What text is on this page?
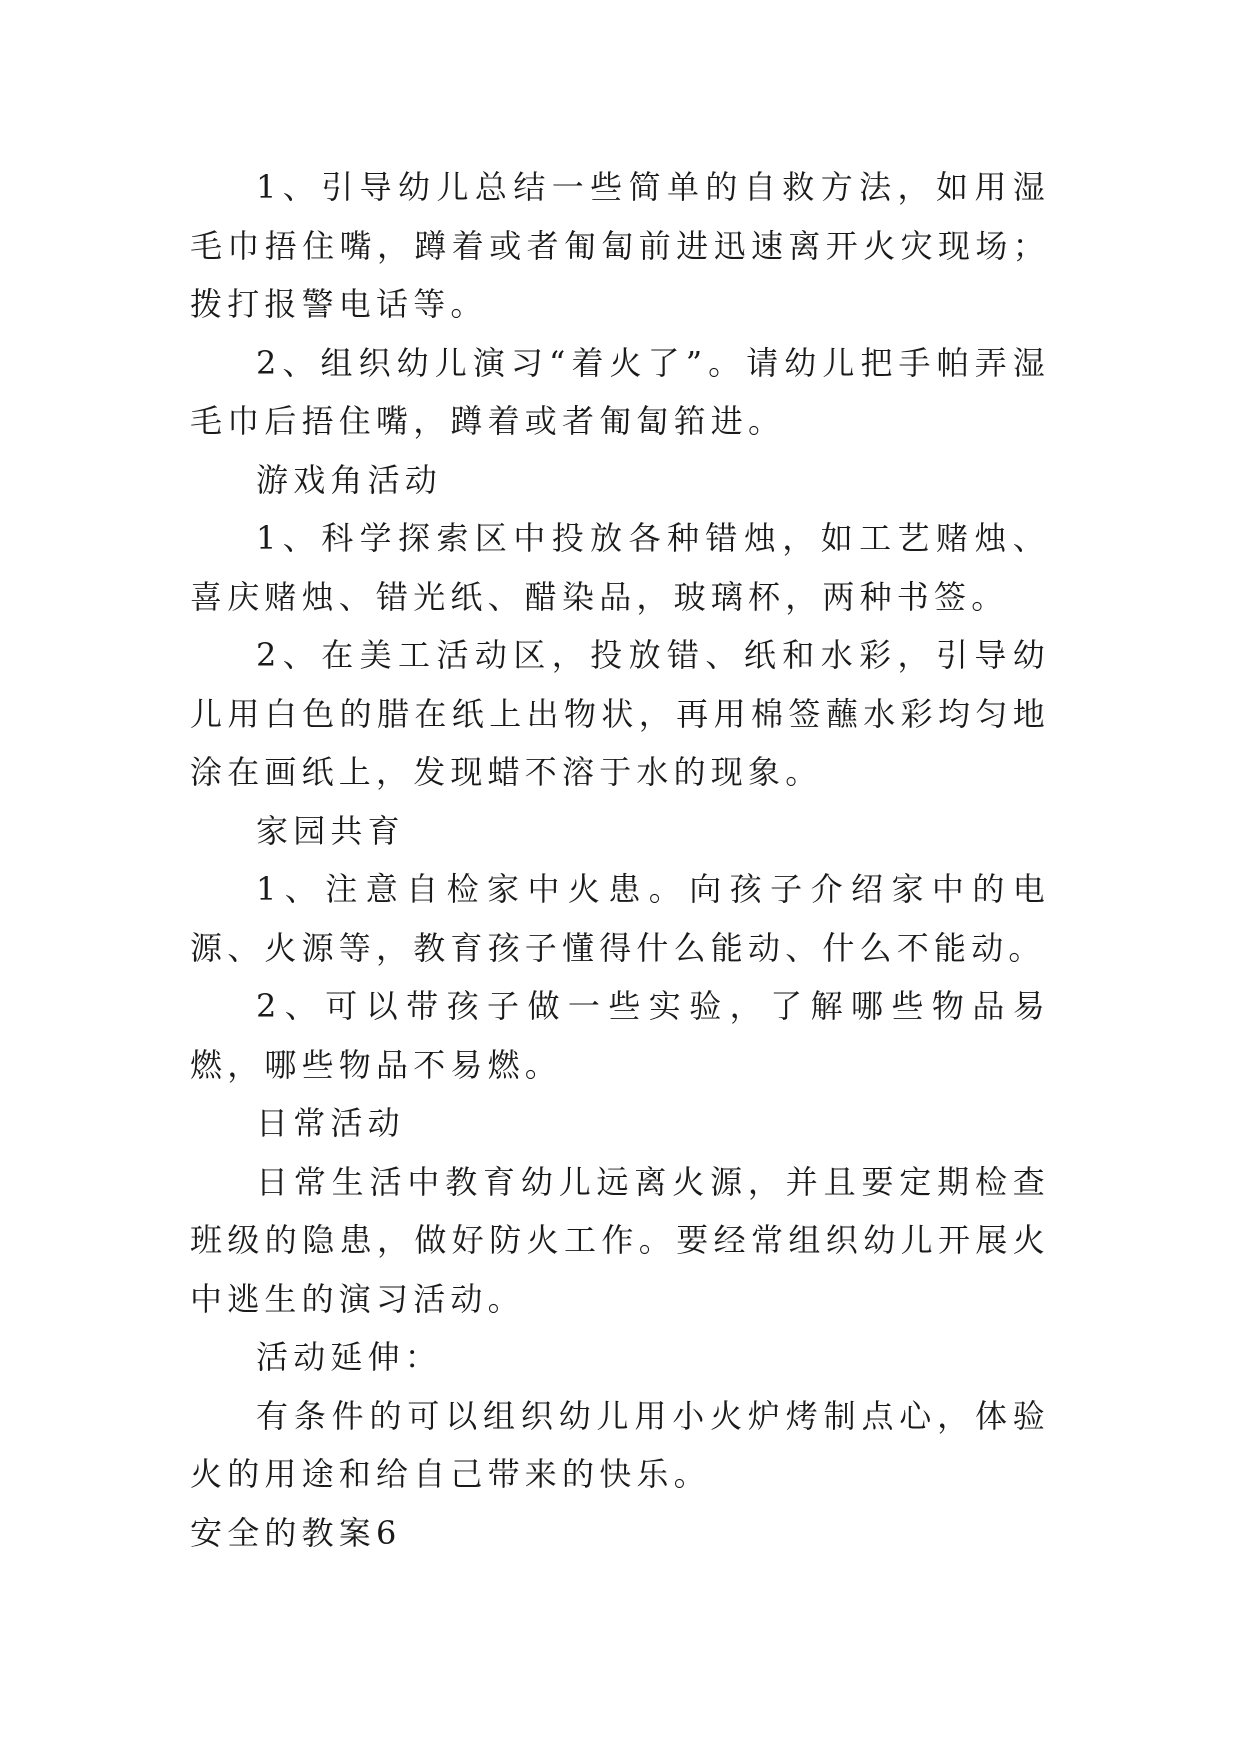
1、引导幼儿总结一些简单的自救方法，如用湿毛巾捂住嘴，蹲着或者匍匐前进迅速离开火灾现场；拨打报警电话等。

2、组织幼儿演习“着火了”。请幼儿把手帕弄湿毛巾后捂住嘴，蹲着或者匍匐筘进。

游戏角活动

1、科学探索区中投放各种错烛，如工艺赌烛、喜庆赌烛、错光纸、醋染品，玻璃杯，两种书签。

2、在美工活动区，投放错、纸和水彩，引导幼儿用白色的腊在纸上出物状，再用棉签蘸水彩均匀地涂在画纸上，发现蜡不溶于水的现象。

家园共育

1、注意自检家中火患。向孩子介绍家中的电源、火源等，教育孩子懂得什么能动、什么不能动。

2、可以带孩子做一些实验，了解哪些物品易燃，哪些物品不易燃。

日常活动

日常生活中教育幼儿远离火源，并且要定期检查班级的隐患，做好防火工作。要经常组织幼儿开展火中逃生的演习活动。

活动延伸：

有条件的可以组织幼儿用小火炉烤制点心，体验火的用途和给自己带来的快乐。

安全的教案6
